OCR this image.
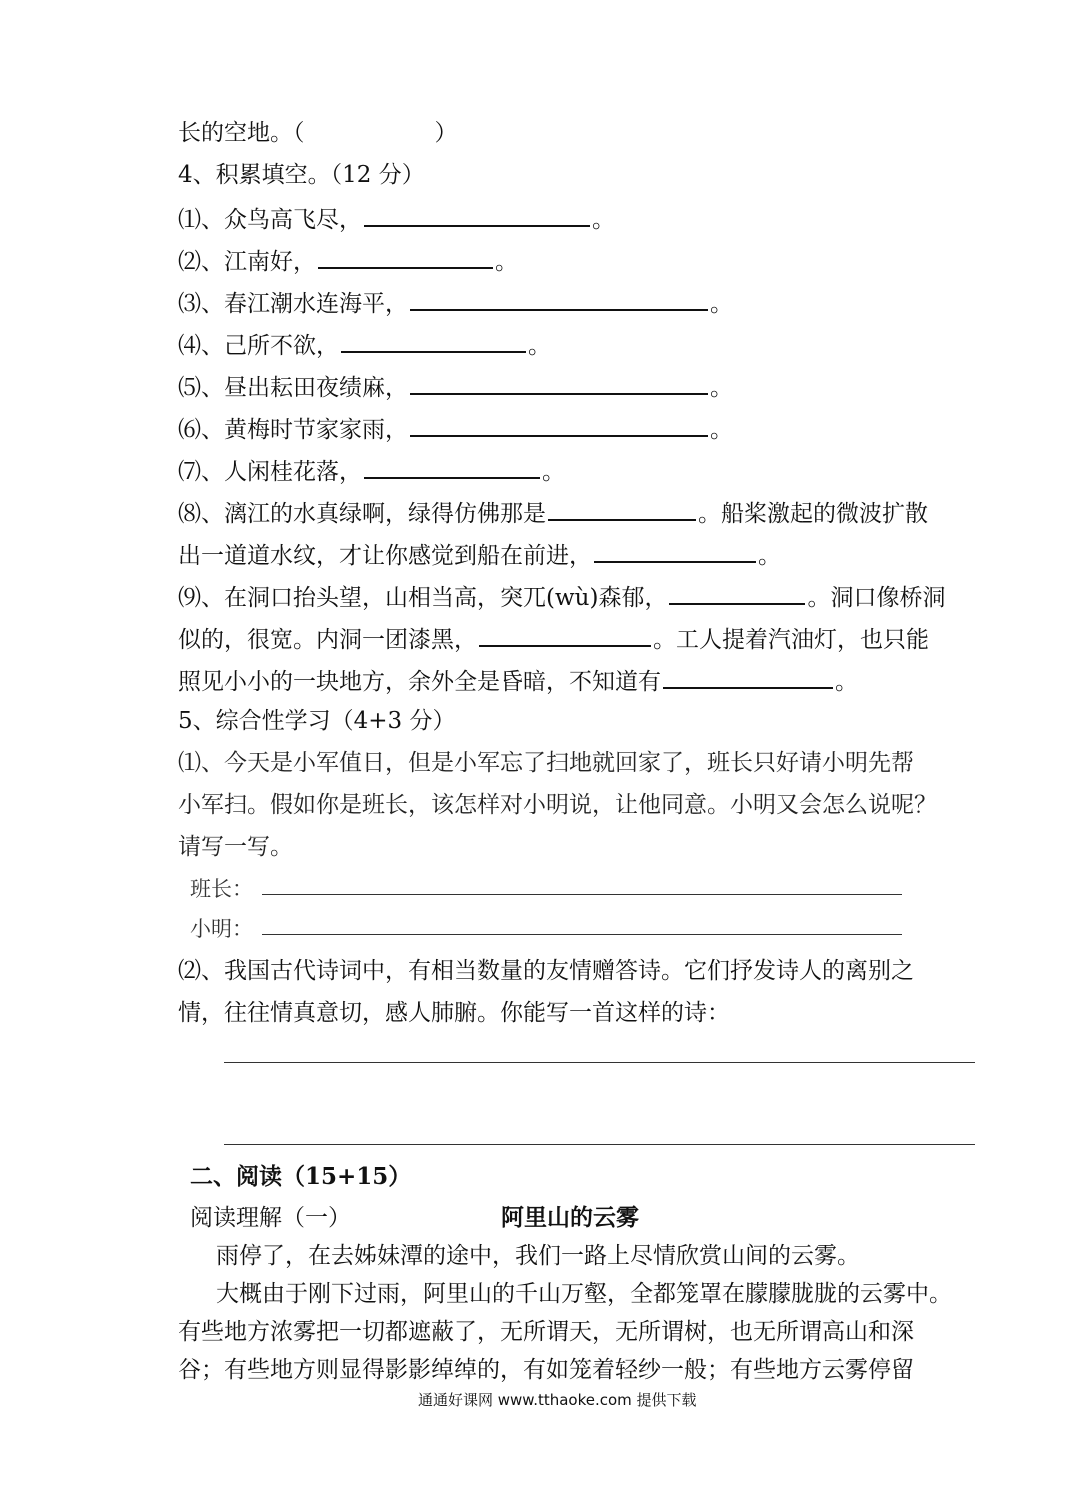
长的空地。（	）
4、积累填空。（12 分）
⑴、众鸟高飞尽，	。
⑵、江南好，	。
⑶、春江潮水连海平，	。
⑷、己所不欲，	。
⑸、昼出耘田夜绩麻，	。
⑹、黄梅时节家家雨，	。
⑺、人闲桂花落，	。
⑻、漓江的水真绿啊，绿得仿佛那是	。船桨激起的微波扩散
出一道道水纹，才让你感觉到船在前进，	。
⑼、在洞口抬头望，山相当高，突兀(wù)森郁，	。洞口像桥洞
似的，很宽。内洞一团漆黑，	。工人提着汽油灯，也只能
照见小小的一块地方，余外全是昏暗，不知道有	。
5、综合性学习（4+3 分）
⑴、今天是小军值日，但是小军忘了扫地就回家了，班长只好请小明先帮
小军扫。假如你是班长，该怎样对小明说，让他同意。小明又会怎么说呢？
请写一写。
班长：
小明：
⑵、我国古代诗词中，有相当数量的友情赠答诗。它们抒发诗人的离别之
情，往往情真意切，感人肺腑。你能写一首这样的诗：
二、阅读（15+15）
阅读理解（一）	阿里山的云雾
雨停了，在去姊妹潭的途中，我们一路上尽情欣赏山间的云雾。
大概由于刚下过雨，阿里山的千山万壑，全都笼罩在朦朦胧胧的云雾中。
有些地方浓雾把一切都遮蔽了，无所谓天，无所谓树，也无所谓高山和深
谷；有些地方则显得影影绰绰的，有如笼着轻纱一般；有些地方云雾停留
通通好课网 www.tthaoke.com 提供下载
